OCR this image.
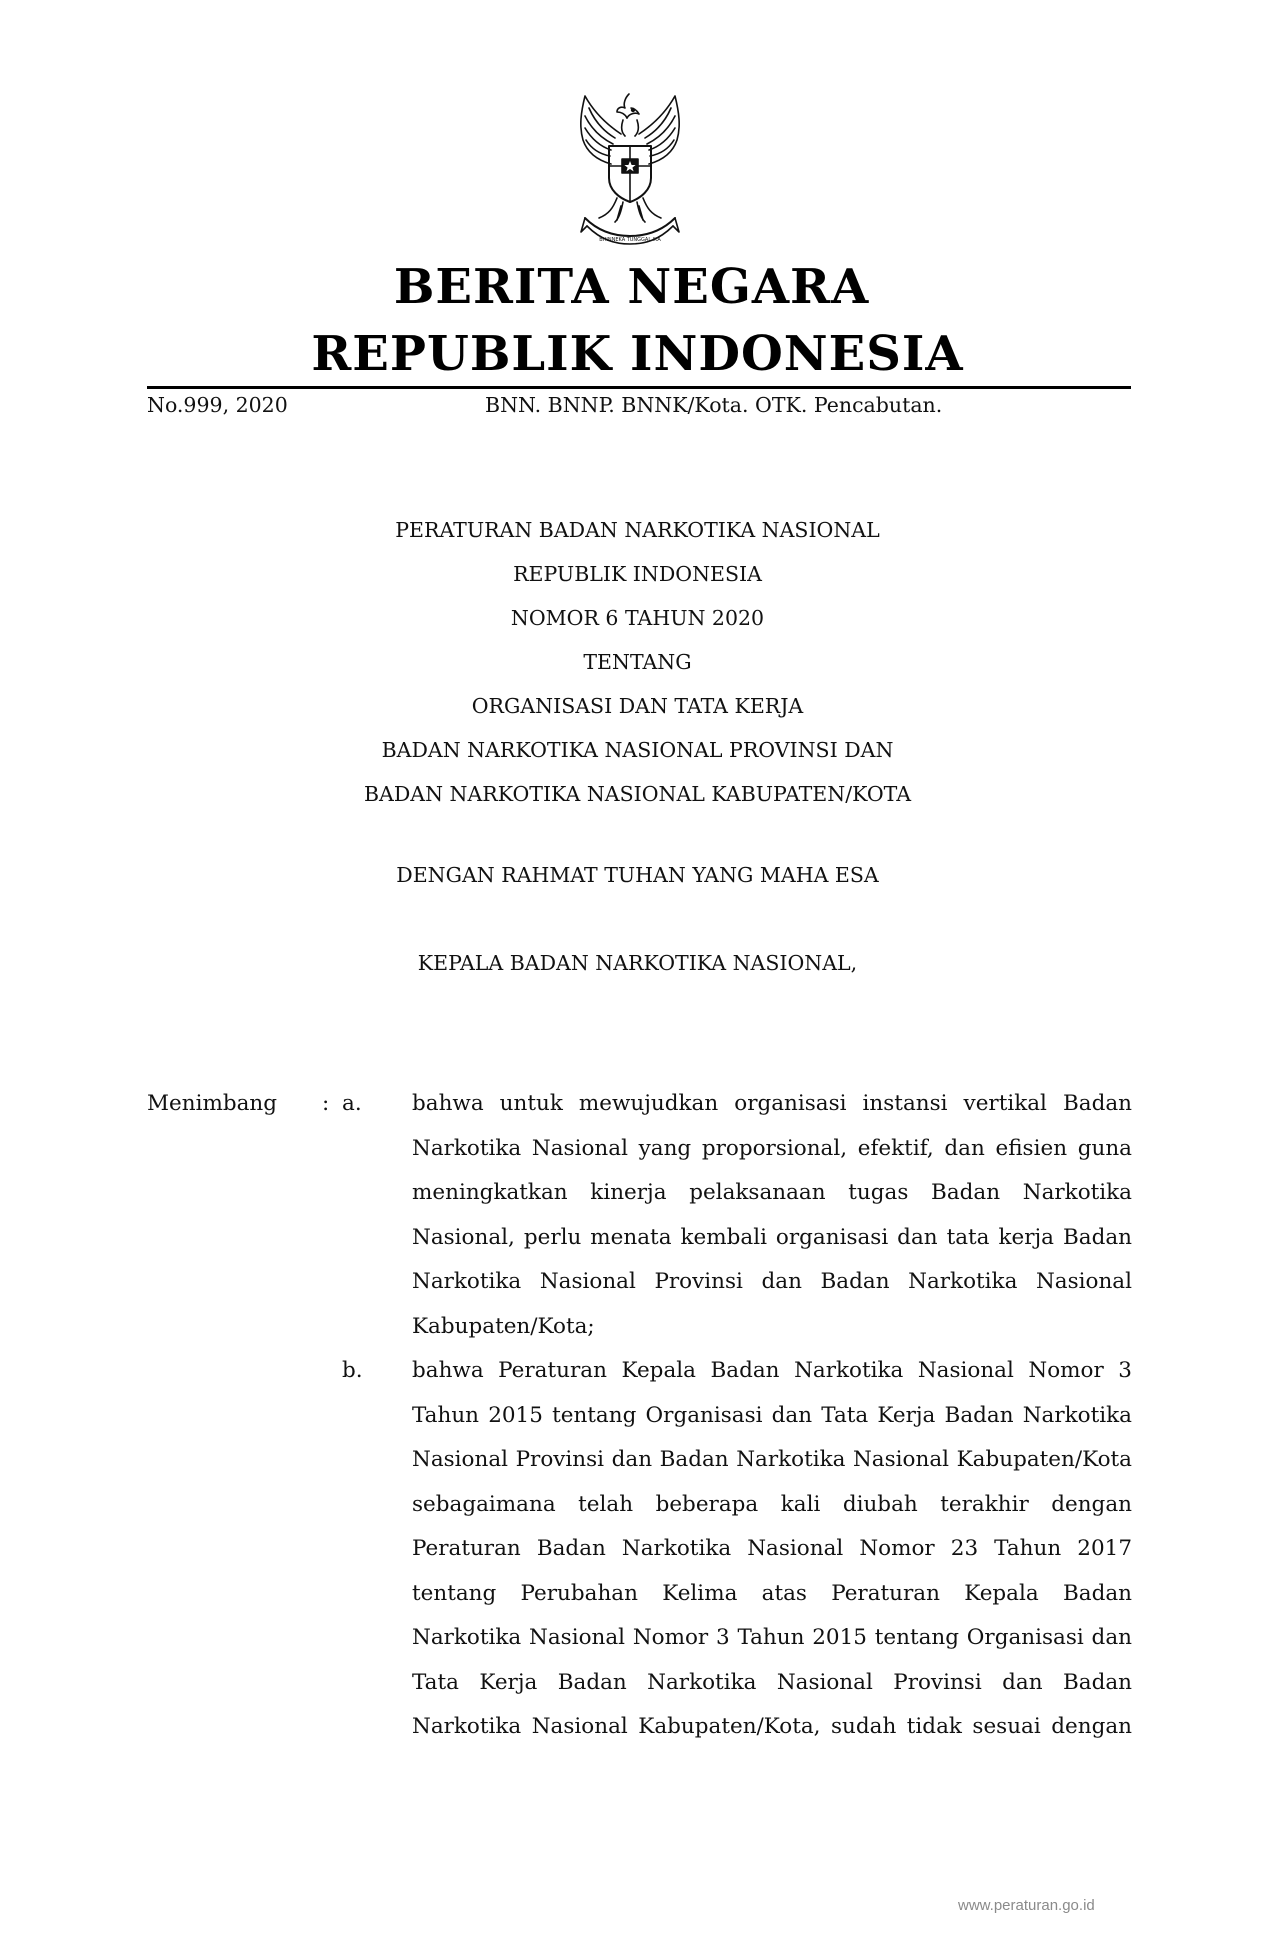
BHINNEKA TUNGGAL IKA
BERITA NEGARA
REPUBLIK INDONESIA
No.999, 2020	BNN. BNNP. BNNK/Kota. OTK. Pencabutan.
PERATURAN BADAN NARKOTIKA NASIONAL
REPUBLIK INDONESIA
NOMOR 6 TAHUN 2020
TENTANG
ORGANISASI DAN TATA KERJA
BADAN NARKOTIKA NASIONAL PROVINSI DAN
BADAN NARKOTIKA NASIONAL KABUPATEN/KOTA
DENGAN RAHMAT TUHAN YANG MAHA ESA
KEPALA BADAN NARKOTIKA NASIONAL,
Menimbang	: a.	bahwa untuk mewujudkan organisasi instansi vertikal Badan Narkotika Nasional yang proporsional, efektif, dan efisien guna meningkatkan kinerja pelaksanaan tugas Badan Narkotika Nasional, perlu menata kembali organisasi dan tata kerja Badan Narkotika Nasional Provinsi dan Badan Narkotika Nasional Kabupaten/Kota;
b.	bahwa Peraturan Kepala Badan Narkotika Nasional Nomor 3 Tahun 2015 tentang Organisasi dan Tata Kerja Badan Narkotika Nasional Provinsi dan Badan Narkotika Nasional Kabupaten/Kota sebagaimana telah beberapa kali diubah terakhir dengan Peraturan Badan Narkotika Nasional Nomor 23 Tahun 2017 tentang Perubahan Kelima atas Peraturan Kepala Badan Narkotika Nasional Nomor 3 Tahun 2015 tentang Organisasi dan Tata Kerja Badan Narkotika Nasional Provinsi dan Badan Narkotika Nasional Kabupaten/Kota, sudah tidak sesuai dengan
www.peraturan.go.id
